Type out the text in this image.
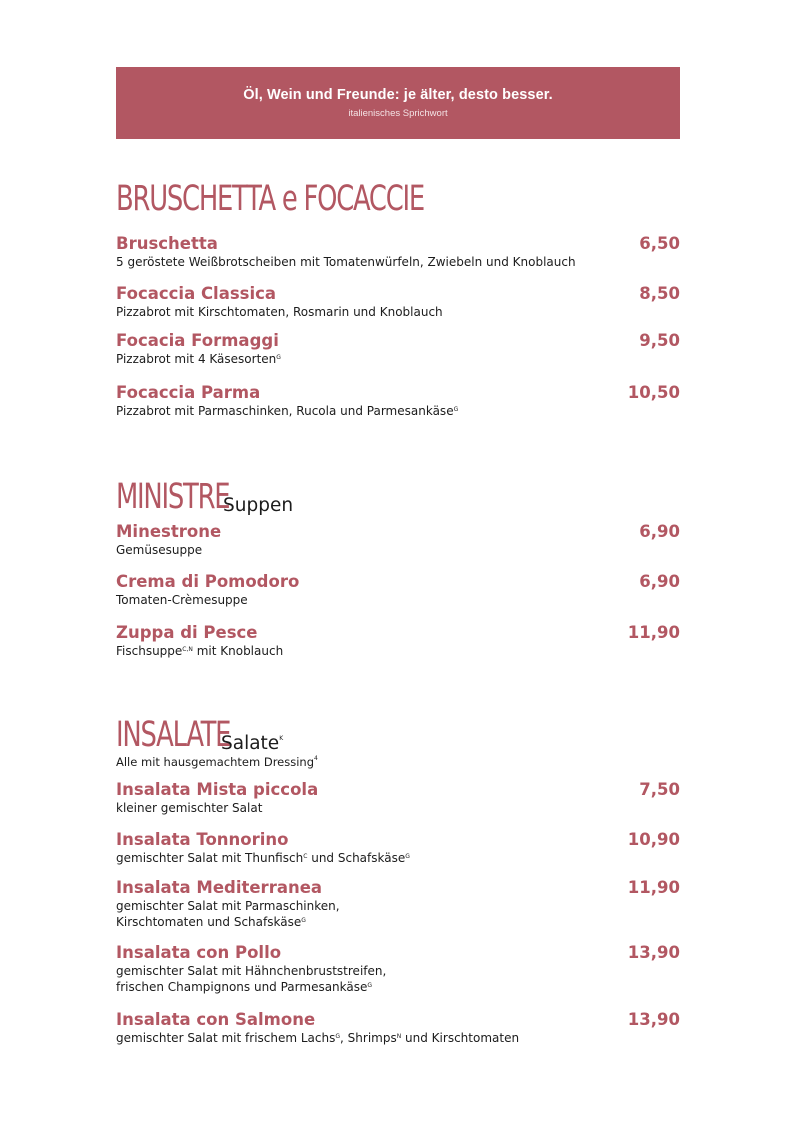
Öl, Wein und Freunde: je älter, desto besser.
italienisches Sprichwort
BRUSCHETTA e FOCACCIE
Bruschetta	6,50
5 geröstete Weißbrotscheiben mit Tomatenwürfeln, Zwiebeln und Knoblauch
Focaccia Classica	8,50
Pizzabrot mit Kirschtomaten, Rosmarin und Knoblauch
Focacia Formaggi	9,50
Pizzabrot mit 4 Käsesorten$^G$
Focaccia Parma	10,50
Pizzabrot mit Parmaschinken, Rucola und Parmesankäse$^G$
MINISTRE
Suppen
Minestrone	6,90
Gemüsesuppe
Crema di Pomodoro	6,90
Tomaten-Crèmesuppe
Zuppa di Pesce	11,90
Fischsuppe$^{C,N}$ mit Knoblauch
INSALATE
Salate$^K$
Alle mit hausgemachtem Dressing$^4$
Insalata Mista piccola	7,50
kleiner gemischter Salat
Insalata Tonnorino	10,90
gemischter Salat mit Thunfisch$^C$ und Schafskäse$^G$
Insalata Mediterranea	11,90
gemischter Salat mit Parmaschinken,
Kirschtomaten und Schafskäse$^G$
Insalata con Pollo	13,90
gemischter Salat mit Hähnchenbruststreifen,
frischen Champignons und Parmesankäse$^G$
Insalata con Salmone	13,90
gemischter Salat mit frischem Lachs$^G$, Shrimps$^N$ und Kirschtomaten
